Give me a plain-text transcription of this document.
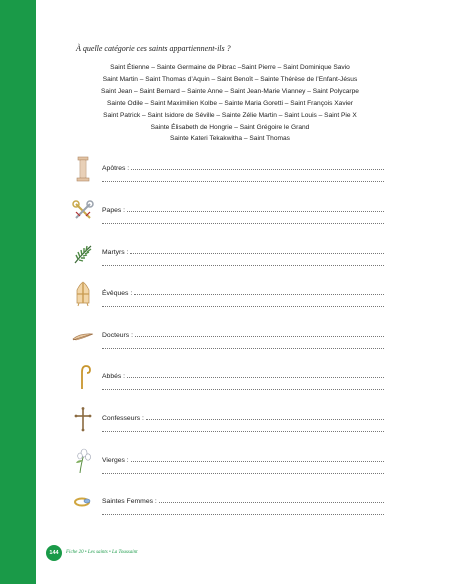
À quelle catégorie ces saints appartiennent-ils ?
Saint Étienne – Sainte Germaine de Pibrac –Saint Pierre – Saint Dominique Savio
Saint Martin – Saint Thomas d’Aquin – Saint Benoît – Sainte Thérèse de l’Enfant-Jésus
Saint Jean – Saint Bernard – Sainte Anne – Saint Jean-Marie Vianney – Saint Polycarpe
Sainte Odile – Saint Maximilien Kolbe – Sainte Maria Goretti – Saint François Xavier
Saint Patrick – Saint Isidore de Séville – Sainte Zélie Martin – Saint Louis – Saint Pie X
Sainte Élisabeth de Hongrie – Saint Grégoire le Grand
Sainte Kateri Tekakwitha – Saint Thomas
Apôtres :
Papes :
Martyrs :
Évêques :
Docteurs :
Abbés :
Confesseurs :
Vierges :
Saintes Femmes :
144	Fiche 20 • Les saints • La Toussaint
